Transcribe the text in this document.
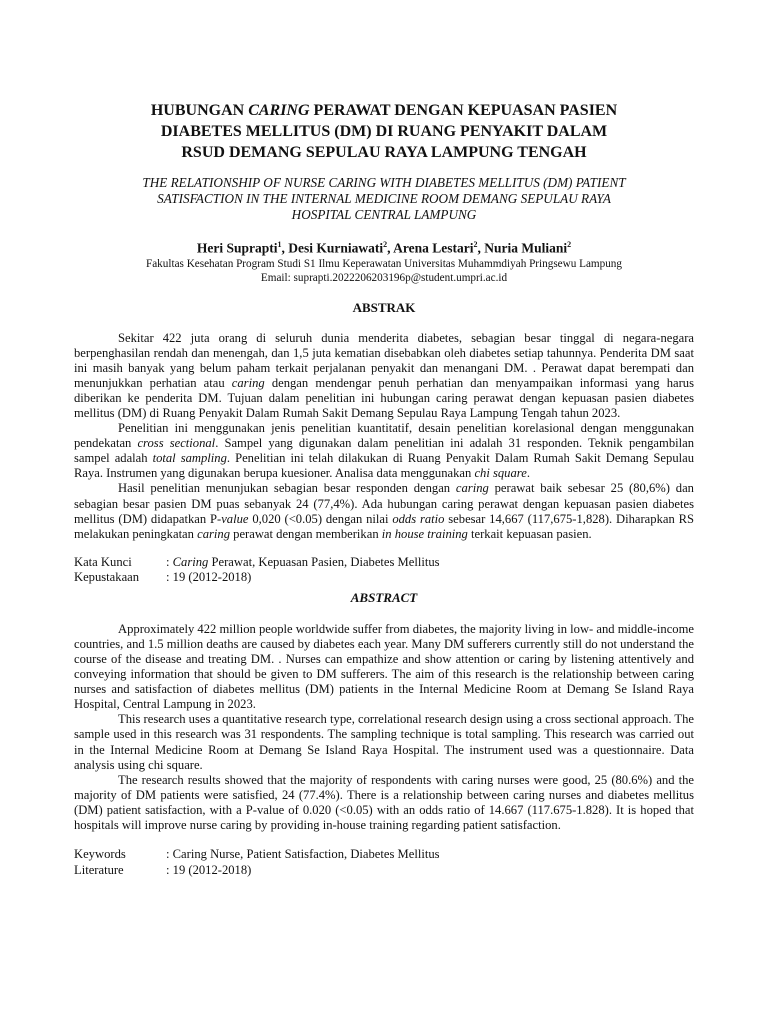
HUBUNGAN CARING PERAWAT DENGAN KEPUASAN PASIEN
DIABETES MELLITUS (DM) DI RUANG PENYAKIT DALAM
RSUD DEMANG SEPULAU RAYA LAMPUNG TENGAH

THE RELATIONSHIP OF NURSE CARING WITH DIABETES MELLITUS (DM) PATIENT
SATISFACTION IN THE INTERNAL MEDICINE ROOM DEMANG SEPULAU RAYA
HOSPITAL CENTRAL LAMPUNG

Heri Suprapti$^1$, Desi Kurniawati$^2$, Arena Lestari$^2$, Nuria Muliani$^2$

Fakultas Kesehatan Program Studi S1 Ilmu Keperawatan Universitas Muhammdiyah Pringsewu Lampung

Email: suprapti.2022206203196p@student.umpri.ac.id

ABSTRAK

Sekitar 422 juta orang di seluruh dunia menderita diabetes, sebagian besar tinggal di negara-negara berpenghasilan rendah dan menengah, dan 1,5 juta kematian disebabkan oleh diabetes setiap tahunnya. Penderita DM saat ini masih banyak yang belum paham terkait perjalanan penyakit dan menangani DM. . Perawat dapat berempati dan menunjukkan perhatian atau caring dengan mendengar penuh perhatian dan menyampaikan informasi yang harus diberikan ke penderita DM. Tujuan dalam penelitian ini hubungan caring perawat dengan kepuasan pasien diabetes mellitus (DM) di Ruang Penyakit Dalam Rumah Sakit Demang Sepulau Raya Lampung Tengah tahun 2023.

Penelitian ini menggunakan jenis penelitian kuantitatif, desain penelitian korelasional dengan menggunakan pendekatan cross sectional. Sampel yang digunakan dalam penelitian ini adalah 31 responden. Teknik pengambilan sampel adalah total sampling. Penelitian ini telah dilakukan di Ruang Penyakit Dalam Rumah Sakit Demang Sepulau Raya. Instrumen yang digunakan berupa kuesioner. Analisa data menggunakan chi square.

Hasil penelitian menunjukan sebagian besar responden dengan caring perawat baik sebesar 25 (80,6%) dan sebagian besar pasien DM puas sebanyak 24 (77,4%). Ada hubungan caring perawat dengan kepuasan pasien diabetes mellitus (DM) didapatkan P-value 0,020 (<0.05) dengan nilai odds ratio sebesar 14,667 (117,675-1,828). Diharapkan RS melakukan peningkatan caring perawat dengan memberikan in house training terkait kepuasan pasien.

Kata Kunci	: Caring Perawat, Kepuasan Pasien, Diabetes Mellitus
Kepustakaan	: 19 (2012-2018)

ABSTRACT

Approximately 422 million people worldwide suffer from diabetes, the majority living in low- and middle-income countries, and 1.5 million deaths are caused by diabetes each year. Many DM sufferers currently still do not understand the course of the disease and treating DM. . Nurses can empathize and show attention or caring by listening attentively and conveying information that should be given to DM sufferers. The aim of this research is the relationship between caring nurses and satisfaction of diabetes mellitus (DM) patients in the Internal Medicine Room at Demang Se Island Raya Hospital, Central Lampung in 2023.

This research uses a quantitative research type, correlational research design using a cross sectional approach. The sample used in this research was 31 respondents. The sampling technique is total sampling. This research was carried out in the Internal Medicine Room at Demang Se Island Raya Hospital. The instrument used was a questionnaire. Data analysis using chi square.

The research results showed that the majority of respondents with caring nurses were good, 25 (80.6%) and the majority of DM patients were satisfied, 24 (77.4%). There is a relationship between caring nurses and diabetes mellitus (DM) patient satisfaction, with a P-value of 0.020 (<0.05) with an odds ratio of 14.667 (117.675-1.828). It is hoped that hospitals will improve nurse caring by providing in-house training regarding patient satisfaction.

Keywords	: Caring Nurse, Patient Satisfaction, Diabetes Mellitus
Literature	: 19 (2012-2018)
